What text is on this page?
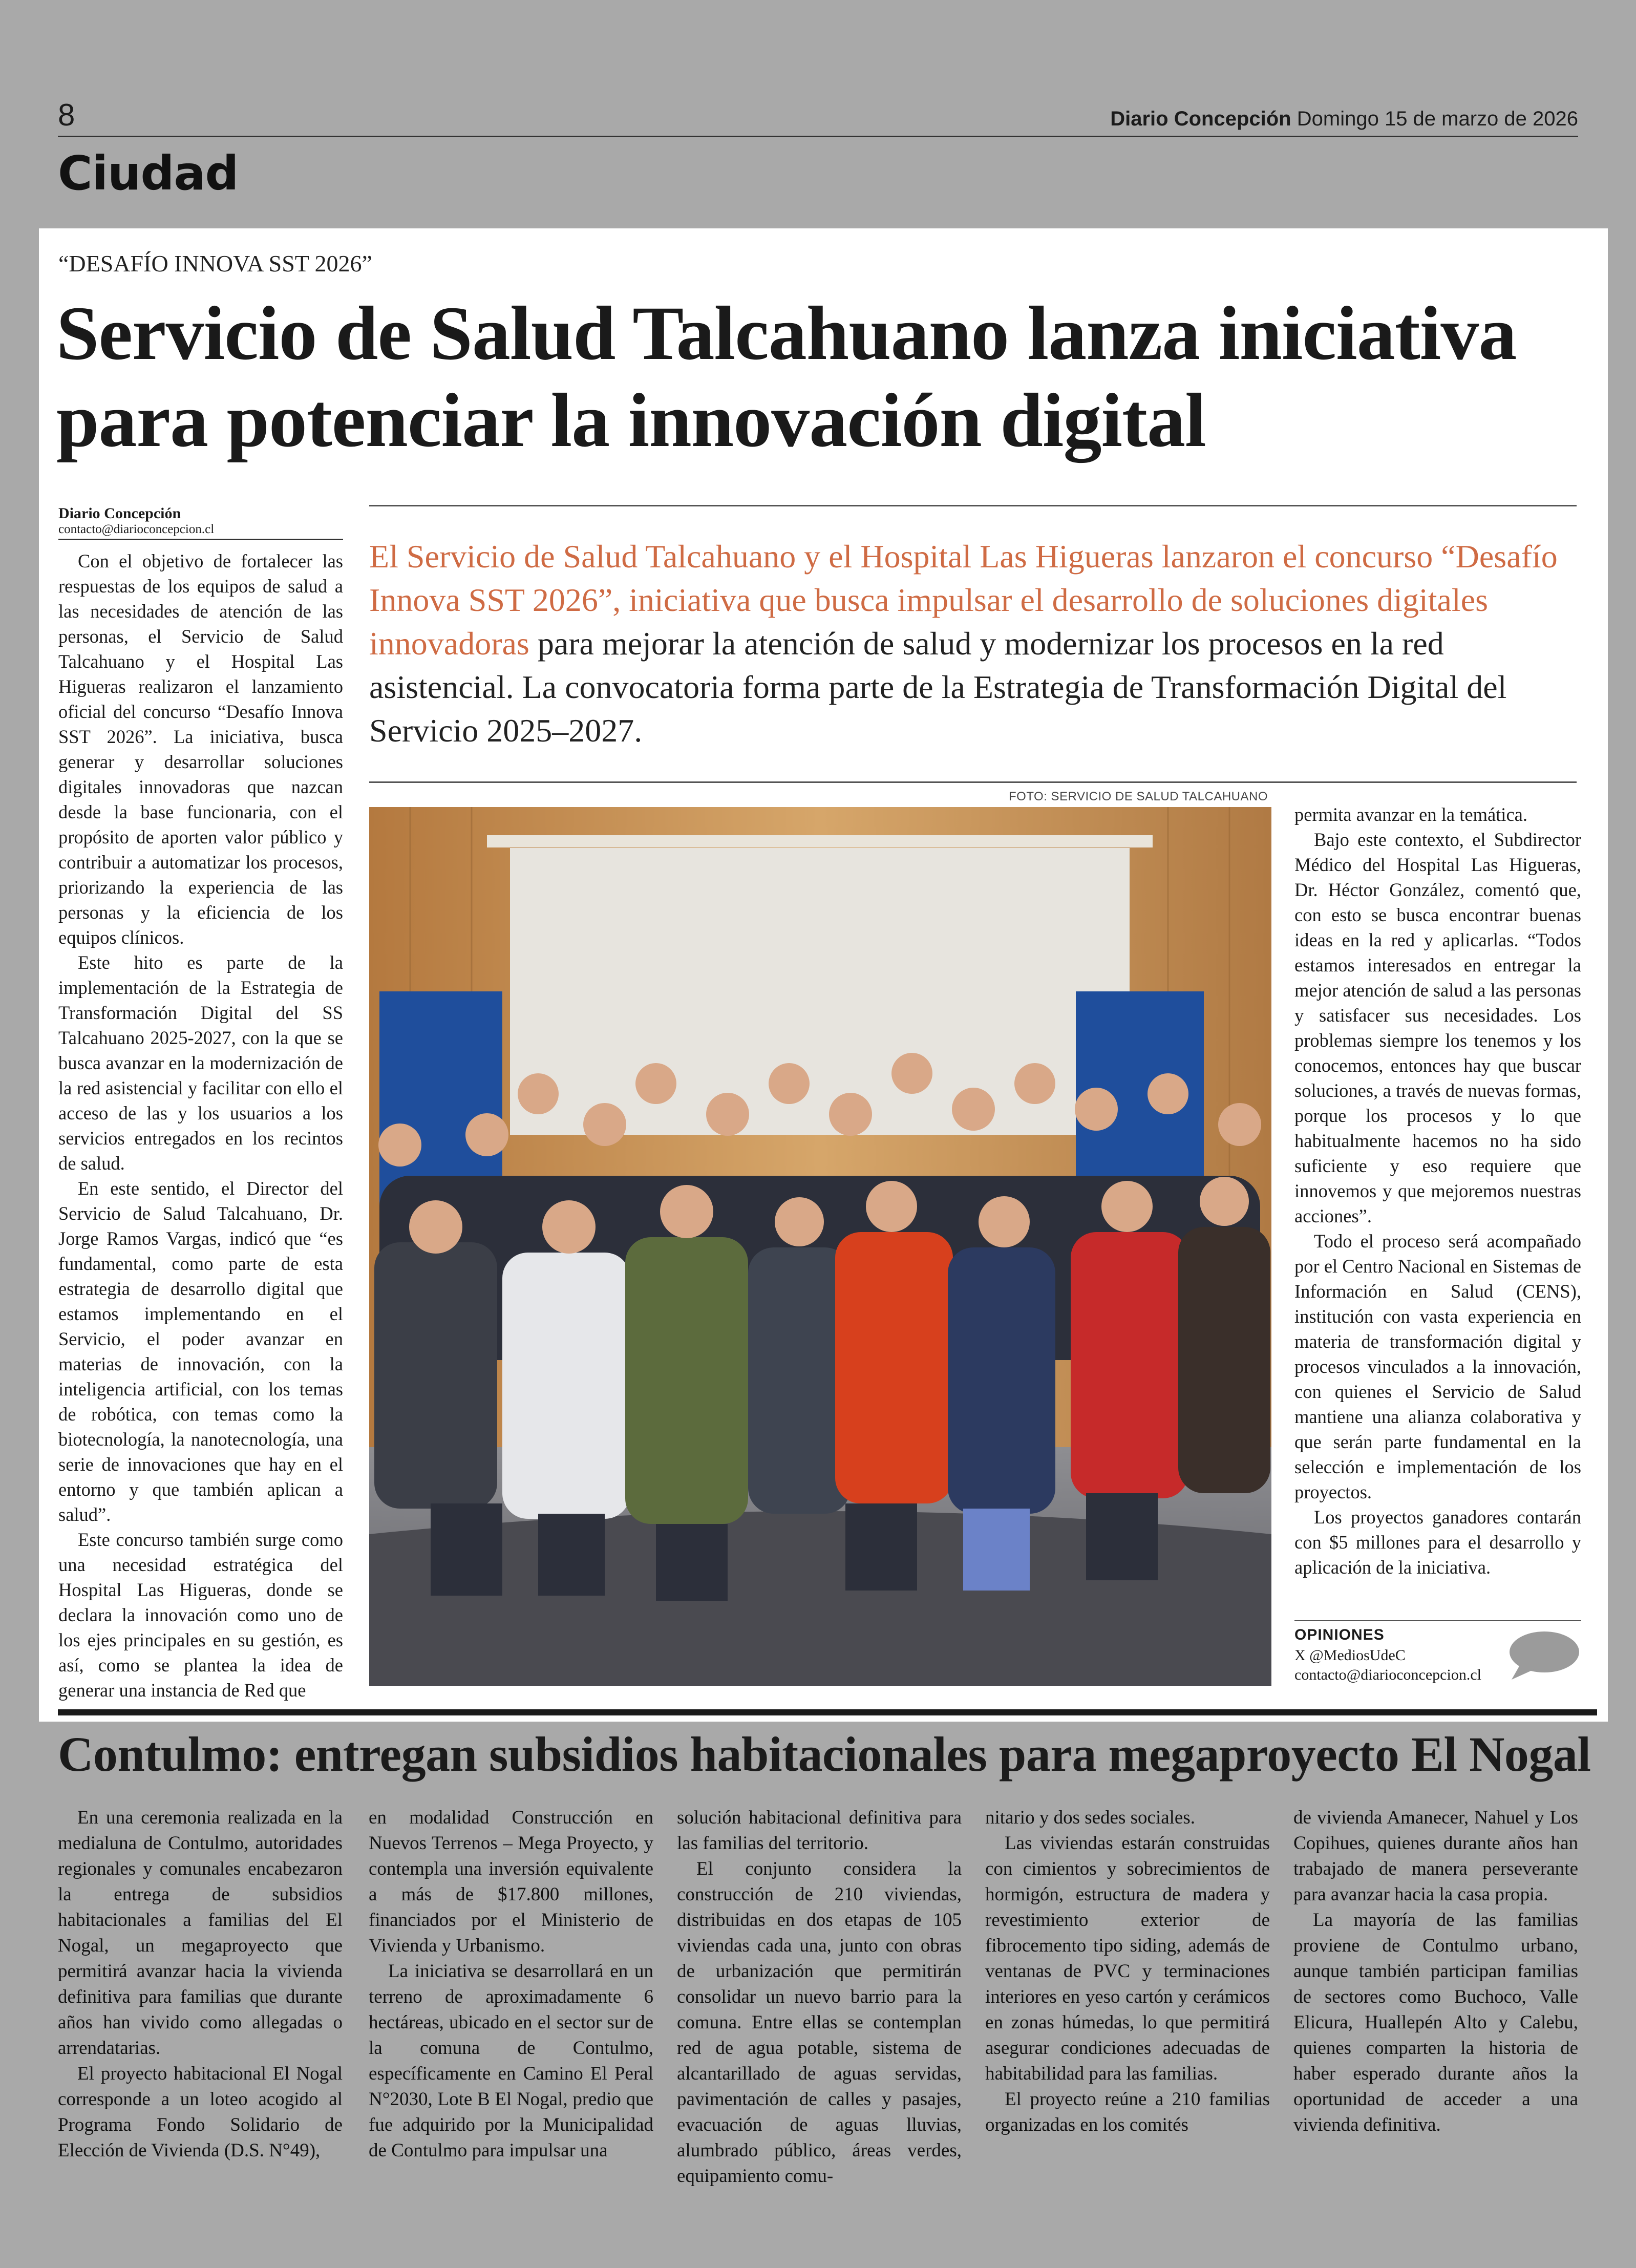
8	Diario Concepción Domingo 15 de marzo de 2026
Ciudad
“DESAFÍO INNOVA SST 2026”
Servicio de Salud Talcahuano lanza iniciativa para potenciar la innovación digital
Diario Concepción
contacto@diarioconcepcion.cl
El Servicio de Salud Talcahuano y el Hospital Las Higueras lanzaron el concurso “Desafío Innova SST 2026”, iniciativa que busca impulsar el desarrollo de soluciones digitales innovadoras para mejorar la atención de salud y modernizar los procesos en la red asistencial. La convocatoria forma parte de la Estrategia de Transformación Digital del Servicio 2025–2027.

Con el objetivo de fortalecer las respuestas de los equipos de salud a las necesidades de atención de las personas, el Servicio de Salud Talcahuano y el Hospital Las Higueras realizaron el lanzamiento oficial del concurso “Desafío Innova SST 2026”. La iniciativa, busca generar y desarrollar soluciones digitales innovadoras que nazcan desde la base funcionaria, con el propósito de aporten valor público y contribuir a automatizar los procesos, priorizando la experiencia de las personas y la eficiencia de los equipos clínicos.

Este hito es parte de la implementación de la Estrategia de Transformación Digital del SS Talcahuano 2025-2027, con la que se busca avanzar en la modernización de la red asistencial y facilitar con ello el acceso de las y los usuarios a los servicios entregados en los recintos de salud.

En este sentido, el Director del Servicio de Salud Talcahuano, Dr. Jorge Ramos Vargas, indicó que “es fundamental, como parte de esta estrategia de desarrollo digital que estamos implementando en el Servicio, el poder avanzar en materias de innovación, con la inteligencia artificial, con los temas de robótica, con temas como la biotecnología, la nanotecnología, una serie de innovaciones que hay en el entorno y que también aplican a salud”.

Este concurso también surge como una necesidad estratégica del Hospital Las Higueras, donde se declara la innovación como uno de los ejes principales en su gestión, es así, como se plantea la idea de generar una instancia de Red que

FOTO: SERVICIO DE SALUD TALCAHUANO

permita avanzar en la temática.

Bajo este contexto, el Subdirector Médico del Hospital Las Higueras, Dr. Héctor González, comentó que, con esto se busca encontrar buenas ideas en la red y aplicarlas. “Todos estamos interesados en entregar la mejor atención de salud a las personas y satisfacer sus necesidades. Los problemas siempre los tenemos y los conocemos, entonces hay que buscar soluciones, a través de nuevas formas, porque los procesos y lo que habitualmente hacemos no ha sido suficiente y eso requiere que innovemos y que mejoremos nuestras acciones”.

Todo el proceso será acompañado por el Centro Nacional en Sistemas de Información en Salud (CENS), institución con vasta experiencia en materia de transformación digital y procesos vinculados a la innovación, con quienes el Servicio de Salud mantiene una alianza colaborativa y que serán parte fundamental en la selección e implementación de los proyectos.

Los proyectos ganadores contarán con $5 millones para el desarrollo y aplicación de la iniciativa.

OPINIONES
X @MediosUdeC
contacto@diarioconcepcion.cl
Contulmo: entregan subsidios habitacionales para megaproyecto El Nogal

En una ceremonia realizada en la medialuna de Contulmo, autoridades regionales y comunales encabezaron la entrega de subsidios habitacionales a familias del El Nogal, un megaproyecto que permitirá avanzar hacia la vivienda definitiva para familias que durante años han vivido como allegadas o arrendatarias.

El proyecto habitacional El Nogal corresponde a un loteo acogido al Programa Fondo Solidario de Elección de Vivienda (D.S. N°49),

en modalidad Construcción en Nuevos Terrenos – Mega Proyecto, y contempla una inversión equivalente a más de $17.800 millones, financiados por el Ministerio de Vivienda y Urbanismo.

La iniciativa se desarrollará en un terreno de aproximadamente 6 hectáreas, ubicado en el sector sur de la comuna de Contulmo, específicamente en Camino El Peral N°2030, Lote B El Nogal, predio que fue adquirido por la Municipalidad de Contulmo para impulsar una

solución habitacional definitiva para las familias del territorio.

El conjunto considera la construcción de 210 viviendas, distribuidas en dos etapas de 105 viviendas cada una, junto con obras de urbanización que permitirán consolidar un nuevo barrio para la comuna. Entre ellas se contemplan red de agua potable, sistema de alcantarillado de aguas servidas, pavimentación de calles y pasajes, evacuación de aguas lluvias, alumbrado público, áreas verdes, equipamiento comu-

nitario y dos sedes sociales.

Las viviendas estarán construidas con cimientos y sobrecimientos de hormigón, estructura de madera y revestimiento exterior de fibrocemento tipo siding, además de ventanas de PVC y terminaciones interiores en yeso cartón y cerámicos en zonas húmedas, lo que permitirá asegurar condiciones adecuadas de habitabilidad para las familias.

El proyecto reúne a 210 familias organizadas en los comités

de vivienda Amanecer, Nahuel y Los Copihues, quienes durante años han trabajado de manera perseverante para avanzar hacia la casa propia.

La mayoría de las familias proviene de Contulmo urbano, aunque también participan familias de sectores como Buchoco, Valle Elicura, Huallepén Alto y Calebu, quienes comparten la historia de haber esperado durante años la oportunidad de acceder a una vivienda definitiva.
